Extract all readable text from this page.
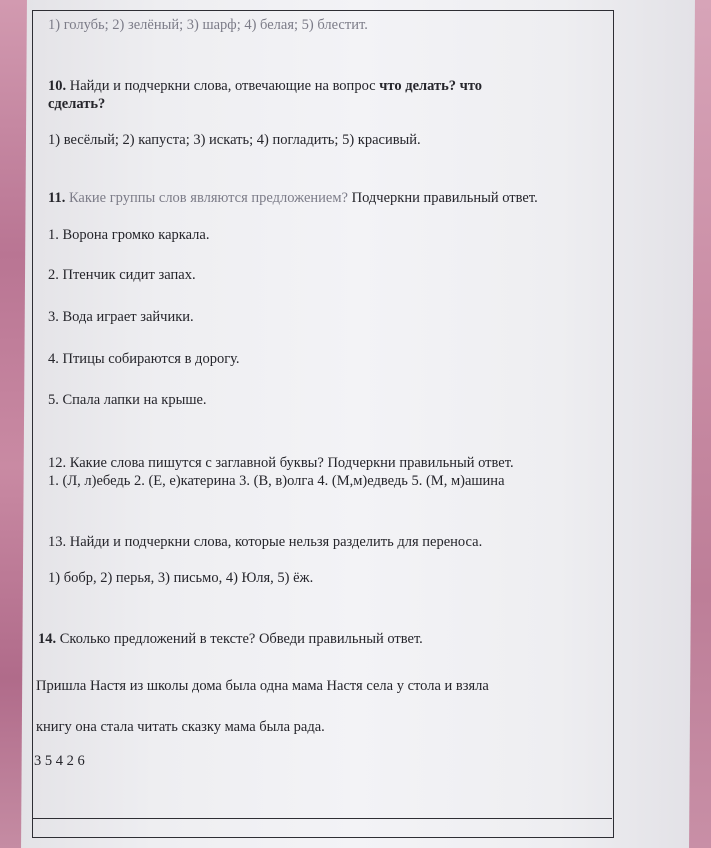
1) голубь; 2) зелёный; 3) шарф; 4) белая; 5) блестит.
10. Найди и подчеркни слова, отвечающие на вопрос что делать? что
сделать?
1) весёлый; 2) капуста; 3) искать; 4) погладить; 5) красивый.
11. Какие группы слов являются предложением? Подчеркни правильный ответ.
1. Ворона громко каркала.
2. Птенчик сидит запах.
3. Вода играет зайчики.
4. Птицы собираются в дорогу.
5. Спала лапки на крыше.
12. Какие слова пишутся с заглавной буквы? Подчеркни правильный ответ.
1. (Л, л)ебедь 2. (Е, е)катерина 3. (В, в)олга 4. (М,м)едведь 5. (М, м)ашина
13. Найди и подчеркни слова, которые нельзя разделить для переноса.
1) бобр, 2) перья, 3) письмо, 4) Юля, 5) ёж.
14. Сколько предложений в тексте? Обведи правильный ответ.
Пришла Настя из школы дома была одна мама Настя села у стола и взяла
книгу она стала читать сказку мама была рада.
3 5 4 2 6
